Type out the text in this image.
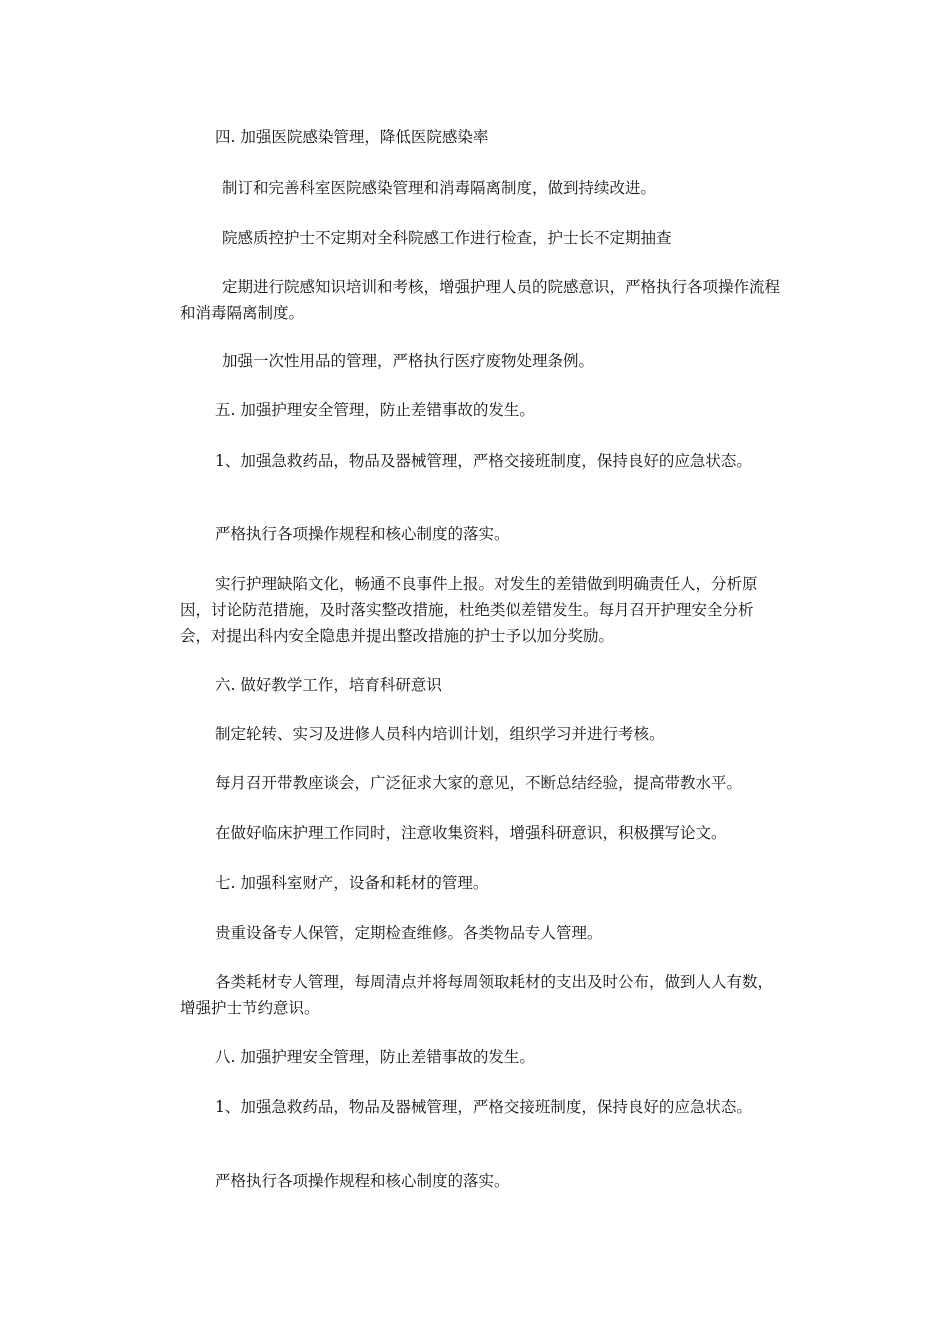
四. 加强医院感染管理，降低医院感染率

制订和完善科室医院感染管理和消毒隔离制度，做到持续改进。

院感质控护士不定期对全科院感工作进行检查，护士长不定期抽查

定期进行院感知识培训和考核，增强护理人员的院感意识，严格执行各项操作流程和消毒隔离制度。

加强一次性用品的管理，严格执行医疗废物处理条例。

五. 加强护理安全管理，防止差错事故的发生。

1、加强急救药品，物品及器械管理，严格交接班制度，保持良好的应急状态。

严格执行各项操作规程和核心制度的落实。

实行护理缺陷文化，畅通不良事件上报。对发生的差错做到明确责任人，分析原因，讨论防范措施，及时落实整改措施，杜绝类似差错发生。每月召开护理安全分析会，对提出科内安全隐患并提出整改措施的护士予以加分奖励。

六. 做好教学工作，培育科研意识

制定轮转、实习及进修人员科内培训计划，组织学习并进行考核。

每月召开带教座谈会，广泛征求大家的意见，不断总结经验，提高带教水平。

在做好临床护理工作同时，注意收集资料，增强科研意识，积极撰写论文。

七. 加强科室财产，设备和耗材的管理。

贵重设备专人保管，定期检查维修。各类物品专人管理。

各类耗材专人管理，每周清点并将每周领取耗材的支出及时公布，做到人人有数，增强护士节约意识。

八. 加强护理安全管理，防止差错事故的发生。

1、加强急救药品，物品及器械管理，严格交接班制度，保持良好的应急状态。

严格执行各项操作规程和核心制度的落实。
